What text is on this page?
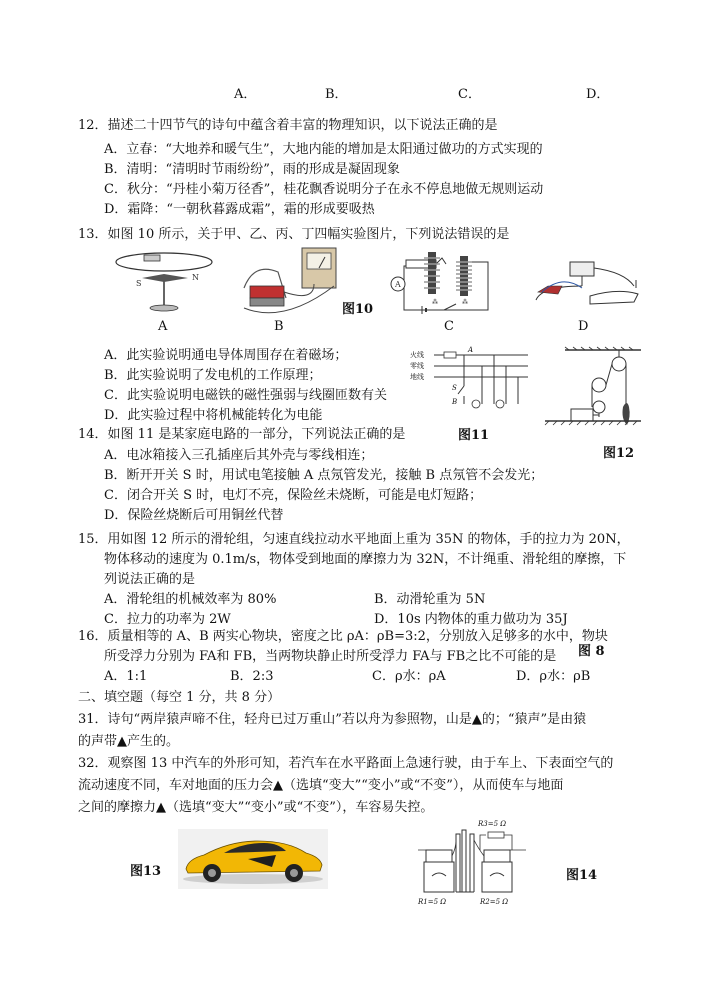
A．	B．	C．	D．
12．描述二十四节气的诗句中蕴含着丰富的物理知识，以下说法正确的是
A．立春：“大地养和暖气生”，大地内能的增加是太阳通过做功的方式实现的
B．清明：“清明时节雨纷纷”，雨的形成是凝固现象
C．秋分：“丹桂小菊万径香”，桂花飘香说明分子在永不停息地做无规则运动
D．霜降：“一朝秋暮露成霜”，霜的形成要吸热
13．如图 10 所示，关于甲、乙、丙、丁四幅实验图片，下列说法错误的是
S
N
A	B
图10
A
⁂	⁂
C	D
A．此实验说明通电导体周围存在着磁场；
B．此实验说明了发电机的工作原理；
C．此实验说明电磁铁的磁性强弱与线圈匝数有关
D．此实验过程中将机械能转化为电能
火线
零线
地线
A
B
S
图11
图12
14．如图 11 是某家庭电路的一部分，下列说法正确的是
A．电冰箱接入三孔插座后其外壳与零线相连；
B．断开开关 S 时，用试电笔接触 A 点氖管发光，接触 B 点氖管不会发光；
C．闭合开关 S 时，电灯不亮，保险丝未烧断，可能是电灯短路；
D．保险丝烧断后可用铜丝代替
15．用如图 12 所示的滑轮组，匀速直线拉动水平地面上重为 35N 的物体，手的拉力为 20N，
物体移动的速度为 0.1m/s，物体受到地面的摩擦力为 32N，不计绳重、滑轮组的摩擦，下
列说法正确的是
A．滑轮组的机械效率为 80%	B．动滑轮重为 5N
C．拉力的功率为 2W	D．10s 内物体的重力做功为 35J
16．质量相等的 A、B 两实心物块，密度之比 ρA：ρB=3:2，分别放入足够多的水中，物块
所受浮力分别为 FA和 FB，当两物块静止时所受浮力 FA与 FB之比不可能的是 图 8
A．1:1	B．2:3	C．ρ水：ρA	D．ρ水：ρB
二、填空题（每空 1 分，共 8 分）
31．诗句“两岸猿声啼不住，轻舟已过万重山”若以舟为参照物，山是▲的；“猿声”是由猿
的声带▲产生的。
32．观察图 13 中汽车的外形可知，若汽车在水平路面上急速行驶，由于车上、下表面空气的
流动速度不同，车对地面的压力会▲（选填“变大”“变小”或“不变”），从而使车与地面
之间的摩擦力▲（选填“变大”“变小”或“不变”），车容易失控。
图13
R3=5 Ω
R1=5 Ω	R2=5 Ω
图14
